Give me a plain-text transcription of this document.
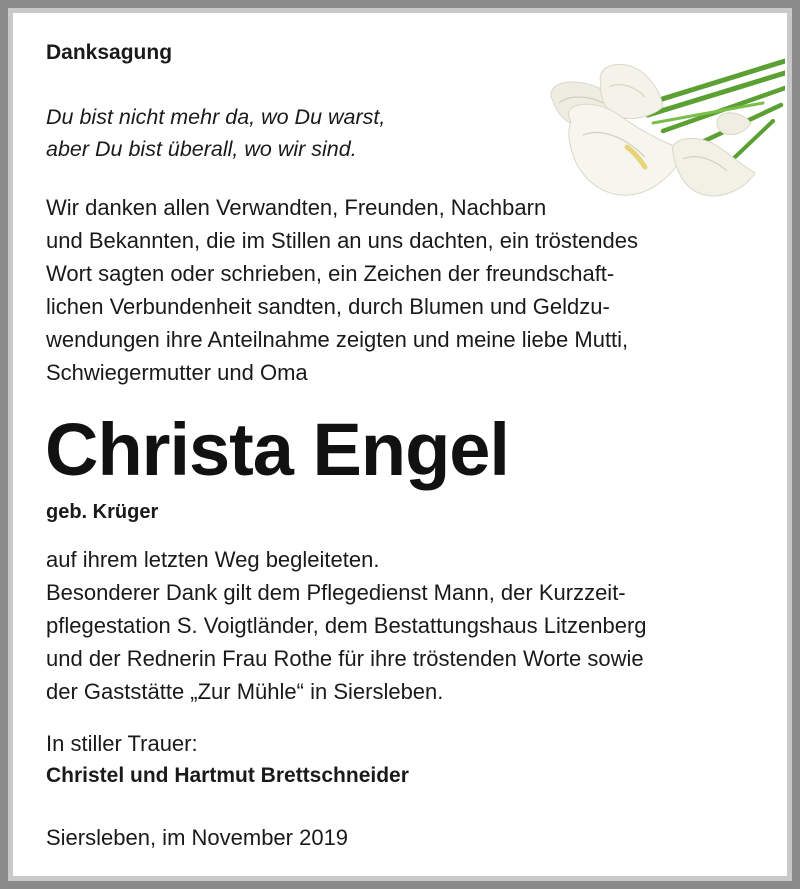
Danksagung
Du bist nicht mehr da, wo Du warst,
aber Du bist überall, wo wir sind.
Wir danken allen Verwandten, Freunden, Nachbarn
und Bekannten, die im Stillen an uns dachten, ein tröstendes
Wort sagten oder schrieben, ein Zeichen der freundschaft-
lichen Verbundenheit sandten, durch Blumen und Geldzu-
wendungen ihre Anteilnahme zeigten und meine liebe Mutti,
Schwiegermutter und Oma
Christa Engel
geb. Krüger
auf ihrem letzten Weg begleiteten.
Besonderer Dank gilt dem Pflegedienst Mann, der Kurzzeit-
pflegestation S. Voigtländer, dem Bestattungshaus Litzenberg
und der Rednerin Frau Rothe für ihre tröstenden Worte sowie
der Gaststätte „Zur Mühle“ in Siersleben.
In stiller Trauer:
Christel und Hartmut Brettschneider
Siersleben, im November 2019
